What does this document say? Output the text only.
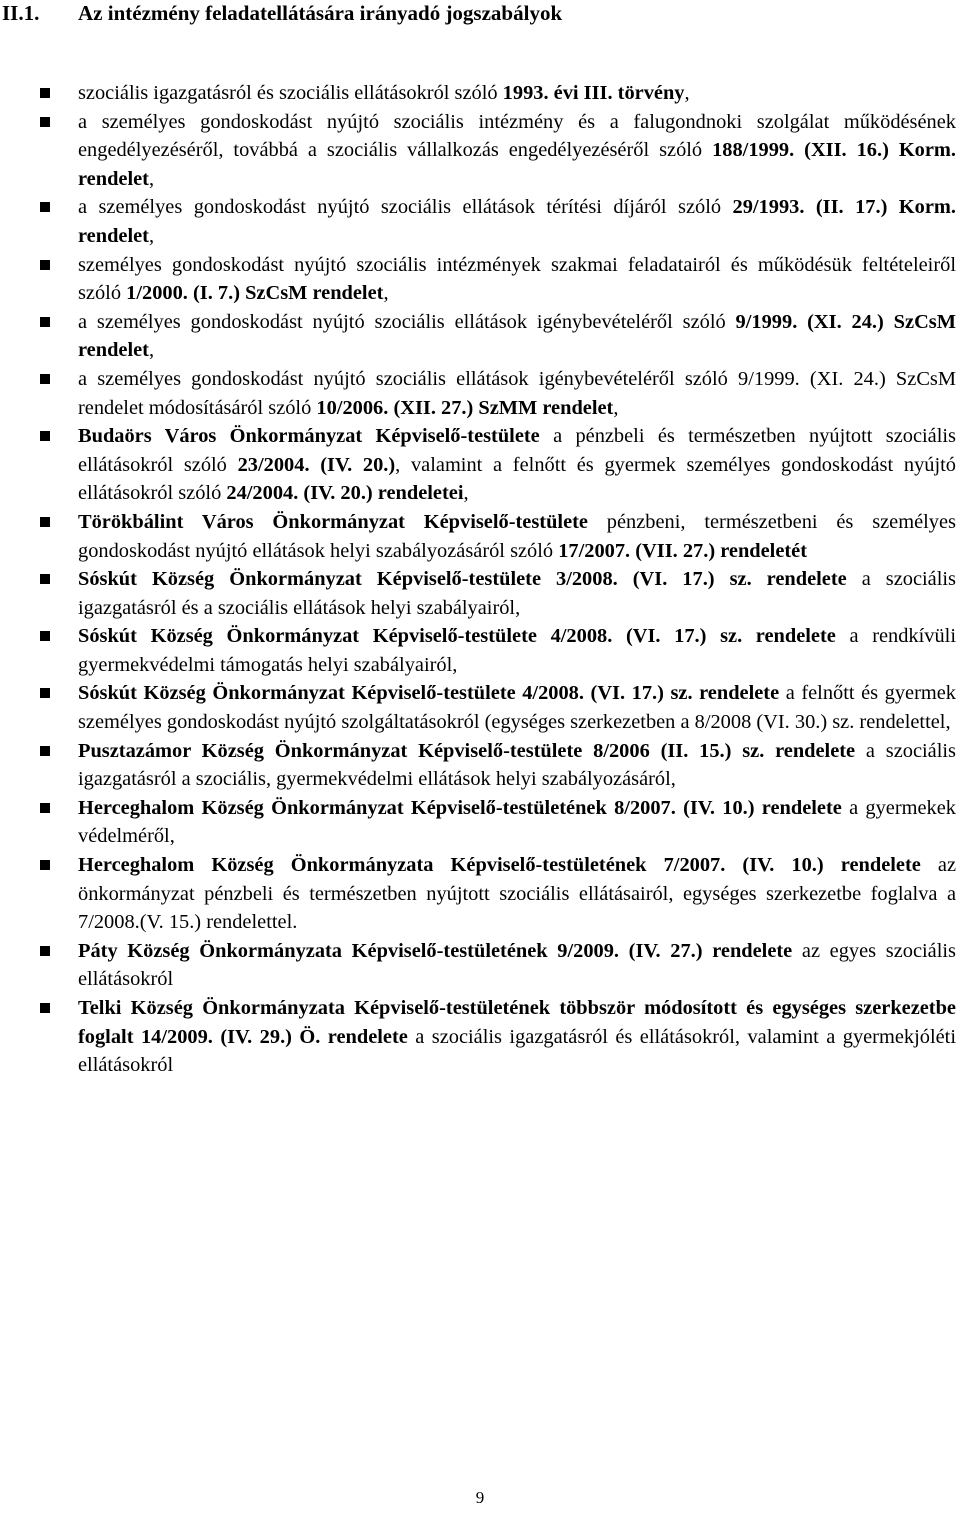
II.1. Az intézmény feladatellátására irányadó jogszabályok
szociális igazgatásról és szociális ellátásokról szóló 1993. évi III. törvény,
a személyes gondoskodást nyújtó szociális intézmény és a falugondnoki szolgálat működésének engedélyezéséről, továbbá a szociális vállalkozás engedélyezéséről szóló 188/1999. (XII. 16.) Korm. rendelet,
a személyes gondoskodást nyújtó szociális ellátások térítési díjáról szóló 29/1993. (II. 17.) Korm. rendelet,
személyes gondoskodást nyújtó szociális intézmények szakmai feladatairól és működésük feltételeiről szóló 1/2000. (I. 7.) SzCsM rendelet,
a személyes gondoskodást nyújtó szociális ellátások igénybevételéről szóló 9/1999. (XI. 24.) SzCsM rendelet,
a személyes gondoskodást nyújtó szociális ellátások igénybevételéről szóló 9/1999. (XI. 24.) SzCsM rendelet módosításáról szóló 10/2006. (XII. 27.) SzMM rendelet,
Budaörs Város Önkormányzat Képviselő-testülete a pénzbeli és természetben nyújtott szociális ellátásokról szóló 23/2004. (IV. 20.), valamint a felnőtt és gyermek személyes gondoskodást nyújtó ellátásokról szóló 24/2004. (IV. 20.) rendeletei,
Törökbálint Város Önkormányzat Képviselő-testülete pénzbeni, természetbeni és személyes gondoskodást nyújtó ellátások helyi szabályozásáról szóló 17/2007. (VII. 27.) rendeletét
Sóskút Község Önkormányzat Képviselő-testülete 3/2008. (VI. 17.) sz. rendelete a szociális igazgatásról és a szociális ellátások helyi szabályairól,
Sóskút Község Önkormányzat Képviselő-testülete 4/2008. (VI. 17.) sz. rendelete a rendkívüli gyermekvédelmi támogatás helyi szabályairól,
Sóskút Község Önkormányzat Képviselő-testülete 4/2008. (VI. 17.) sz. rendelete a felnőtt és gyermek személyes gondoskodást nyújtó szolgáltatásokról (egységes szerkezetben a 8/2008 (VI. 30.) sz. rendelettel,
Pusztazámor Község Önkormányzat Képviselő-testülete 8/2006 (II. 15.) sz. rendelete a szociális igazgatásról a szociális, gyermekvédelmi ellátások helyi szabályozásáról,
Herceghalom Község Önkormányzat Képviselő-testületének 8/2007. (IV. 10.) rendelete a gyermekek védelméről,
Herceghalom Község Önkormányzata Képviselő-testületének 7/2007. (IV. 10.) rendelete az önkormányzat pénzbeli és természetben nyújtott szociális ellátásairól, egységes szerkezetbe foglalva a 7/2008.(V. 15.) rendelettel.
Páty Község Önkormányzata Képviselő-testületének 9/2009. (IV. 27.) rendelete az egyes szociális ellátásokról
Telki Község Önkormányzata Képviselő-testületének többször módosított és egységes szerkezetbe foglalt 14/2009. (IV. 29.) Ö. rendelete a szociális igazgatásról és ellátásokról, valamint a gyermekjóléti ellátásokról
9
